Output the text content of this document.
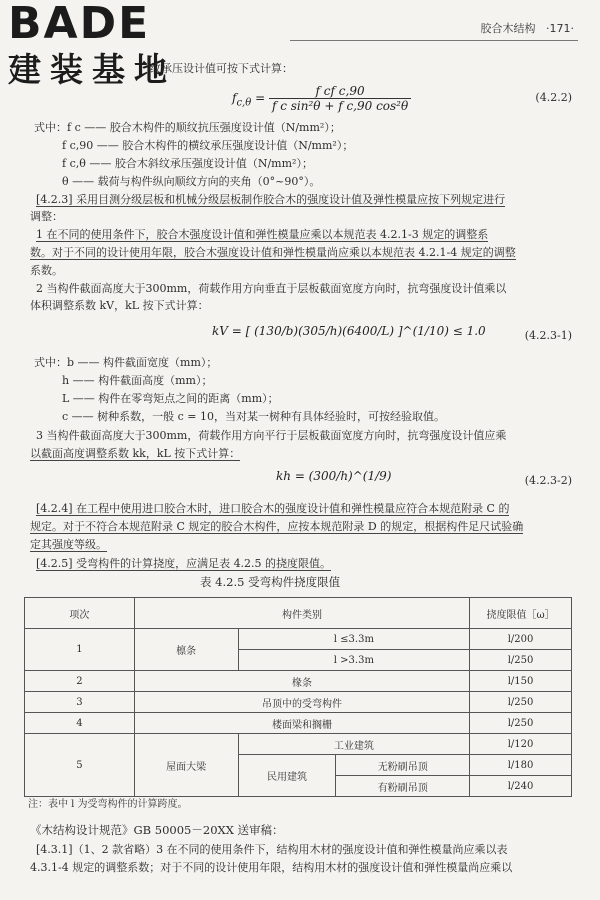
BADE
建装基地
胶合木结构 ·171·
纹承压设计值可按下式计算：
$f_{c,\theta} = \frac{\text{f cf c,90}}{\text{f c sin²θ + f c,90 cos²θ}}$	(4.2.2)
式中：f c —— 胶合木构件的顺纹抗压强度设计值（N/mm²）；
f c,90 —— 胶合木构件的横纹承压强度设计值（N/mm²）；
f c,θ —— 胶合木斜纹承压强度设计值（N/mm²）；
θ —— 载荷与构件纵向顺纹方向的夹角（0°~90°）。
[4.2.3] 采用目测分级层板和机械分级层板制作胶合木的强度设计值及弹性模量应按下列规定进行
调整：
1 在不同的使用条件下，胶合木强度设计值和弹性模量应乘以本规范表 4.2.1-3 规定的调整系
数。对于不同的设计使用年限，胶合木强度设计值和弹性模量尚应乘以本规范表 4.2.1-4 规定的调整
系数。
2 当构件截面高度大于300mm，荷载作用方向垂直于层板截面宽度方向时，抗弯强度设计值乘以
体积调整系数 kV，kL 按下式计算：
kV = [ (130/b)(305/h)(6400/L) ]^(1/10) ≤ 1.0	(4.2.3-1)
式中：b —— 构件截面宽度（mm）；
h —— 构件截面高度（mm）；
L —— 构件在零弯矩点之间的距离（mm）；
c —— 树种系数，一般 c = 10，当对某一树种有具体经验时，可按经验取值。
3 当构件截面高度大于300mm，荷载作用方向平行于层板截面宽度方向时，抗弯强度设计值应乘
以截面高度调整系数 kk，kL 按下式计算：
kh = (300/h)^(1/9)	(4.2.3-2)
[4.2.4] 在工程中使用进口胶合木时，进口胶合木的强度设计值和弹性模量应符合本规范附录 C 的
规定。对于不符合本规范附录 C 规定的胶合木构件，应按本规范附录 D 的规定，根据构件足尺试验确
定其强度等级。
[4.2.5] 受弯构件的计算挠度，应满足表 4.2.5 的挠度限值。
表 4.2.5 受弯构件挠度限值
项次	构件类别			挠度限值［ω］
1	檩条	l ≤3.3m		l/200
		l >3.3m		l/250
2	椽条			l/150
3	吊顶中的受弯构件			l/250
4	楼面梁和搁栅			l/250
5	屋面大梁	工业建筑		l/120
		民用建筑	无粉刷吊顶	l/180
			有粉刷吊顶	l/240
注：表中 l 为受弯构件的计算跨度。
《木结构设计规范》GB 50005－20XX 送审稿：
[4.3.1]（1、2 款省略）3 在不同的使用条件下，结构用木材的强度设计值和弹性模量尚应乘以表
4.3.1-4 规定的调整系数；对于不同的设计使用年限，结构用木材的强度设计值和弹性模量尚应乘以
